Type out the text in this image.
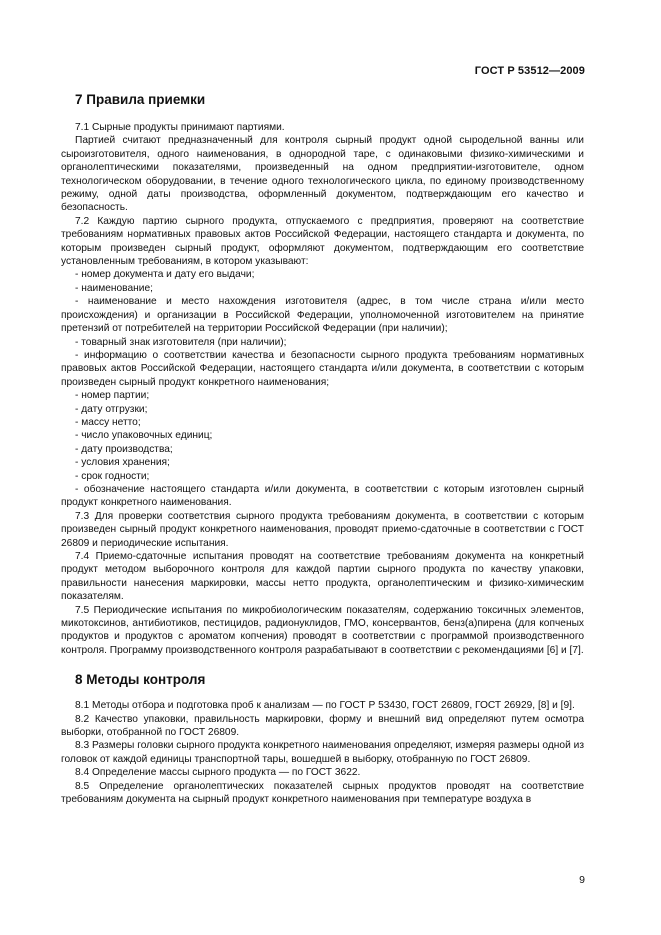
ГОСТ Р 53512—2009
7 Правила приемки

7.1 Сырные продукты принимают партиями.

Партией считают предназначенный для контроля сырный продукт одной сыродельной ванны или сыроизготовителя, одного наименования, в однородной таре, с одинаковыми физико-химическими и органолептическими показателями, произведенный на одном предприятии-изготовителе, одном технологическом оборудовании, в течение одного технологического цикла, по единому производственному режиму, одной даты производства, оформленный документом, подтверждающим его качество и безопасность.

7.2 Каждую партию сырного продукта, отпускаемого с предприятия, проверяют на соответствие требованиям нормативных правовых актов Российской Федерации, настоящего стандарта и документа, по которым произведен сырный продукт, оформляют документом, подтверждающим его соответствие установленным требованиям, в котором указывают:

- номер документа и дату его выдачи;

- наименование;

- наименование и место нахождения изготовителя (адрес, в том числе страна и/или место происхождения) и организации в Российской Федерации, уполномоченной изготовителем на принятие претензий от потребителей на территории Российской Федерации (при наличии);

- товарный знак изготовителя (при наличии);

- информацию о соответствии качества и безопасности сырного продукта требованиям нормативных правовых актов Российской Федерации, настоящего стандарта и/или документа, в соответствии с которым произведен сырный продукт конкретного наименования;

- номер партии;

- дату отгрузки;

- массу нетто;

- число упаковочных единиц;

- дату производства;

- условия хранения;

- срок годности;

- обозначение настоящего стандарта и/или документа, в соответствии с которым изготовлен сырный продукт конкретного наименования.

7.3 Для проверки соответствия сырного продукта требованиям документа, в соответствии с которым произведен сырный продукт конкретного наименования, проводят приемо-сдаточные в соответствии с ГОСТ 26809 и периодические испытания.

7.4 Приемо-сдаточные испытания проводят на соответствие требованиям документа на конкретный продукт методом выборочного контроля для каждой партии сырного продукта по качеству упаковки, правильности нанесения маркировки, массы нетто продукта, органолептическим и физико-химическим показателям.

7.5 Периодические испытания по микробиологическим показателям, содержанию токсичных элементов, микотоксинов, антибиотиков, пестицидов, радионуклидов, ГМО, консервантов, бенз(а)пирена (для копченых продуктов и продуктов с ароматом копчения) проводят в соответствии с программой производственного контроля. Программу производственного контроля разрабатывают в соответствии с рекомендациями [6] и [7].

8 Методы контроля

8.1 Методы отбора и подготовка проб к анализам — по ГОСТ Р 53430, ГОСТ 26809, ГОСТ 26929, [8] и [9].

8.2 Качество упаковки, правильность маркировки, форму и внешний вид определяют путем осмотра выборки, отобранной по ГОСТ 26809.

8.3 Размеры головки сырного продукта конкретного наименования определяют, измеряя размеры одной из головок от каждой единицы транспортной тары, вошедшей в выборку, отобранную по ГОСТ 26809.

8.4 Определение массы сырного продукта — по ГОСТ 3622.

8.5 Определение органолептических показателей сырных продуктов проводят на соответствие требованиям документа на сырный продукт конкретного наименования при температуре воздуха в

9
